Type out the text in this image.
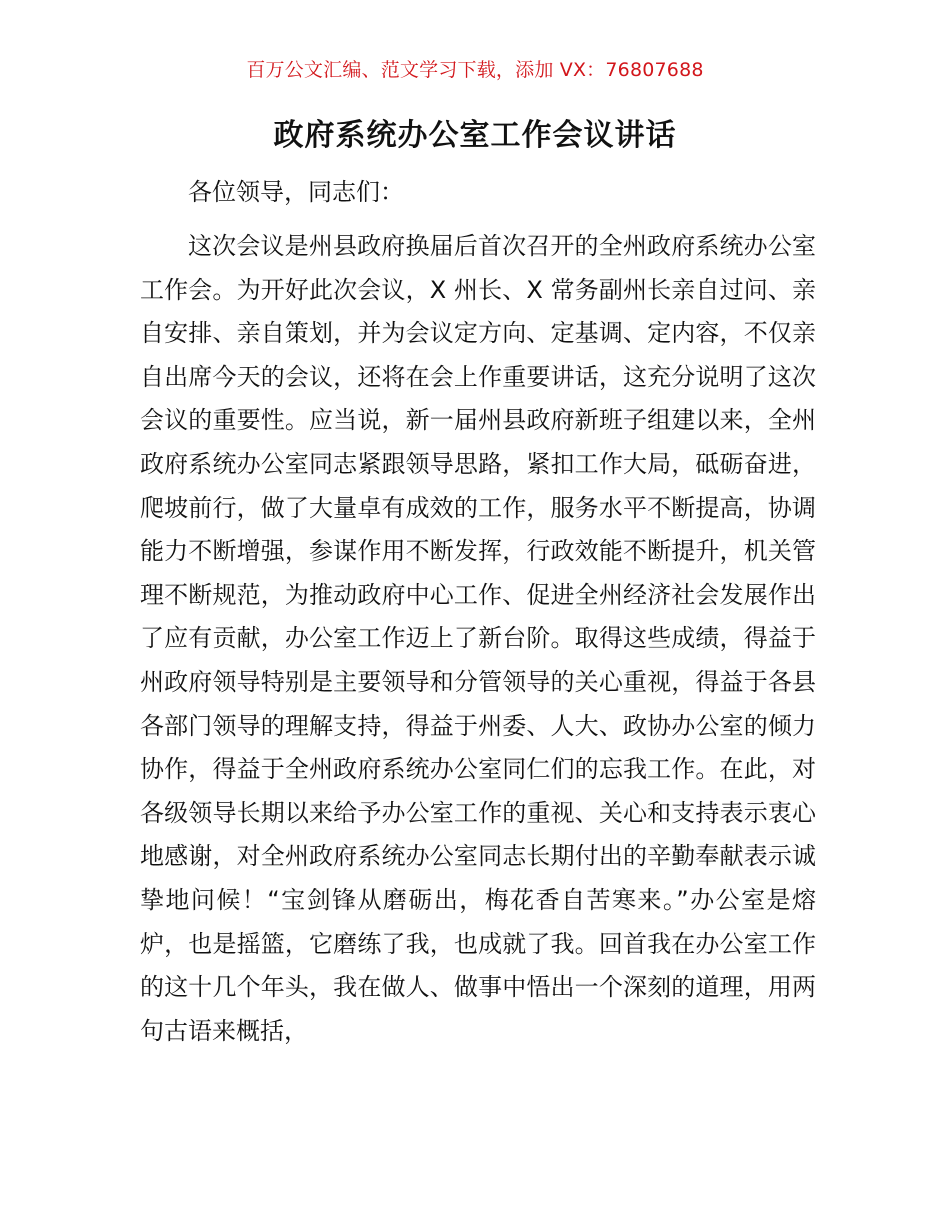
百万公文汇编、范文学习下载，添加 VX：76807688
政府系统办公室工作会议讲话
各位领导，同志们：

这次会议是州县政府换届后首次召开的全州政府系统办公室工作会。为开好此次会议，X 州长、X 常务副州长亲自过问、亲自安排、亲自策划，并为会议定方向、定基调、定内容，不仅亲自出席今天的会议，还将在会上作重要讲话，这充分说明了这次会议的重要性。应当说，新一届州县政府新班子组建以来，全州政府系统办公室同志紧跟领导思路，紧扣工作大局，砥砺奋进，爬坡前行，做了大量卓有成效的工作，服务水平不断提高，协调能力不断增强，参谋作用不断发挥，行政效能不断提升，机关管理不断规范，为推动政府中心工作、促进全州经济社会发展作出了应有贡献，办公室工作迈上了新台阶。取得这些成绩，得益于州政府领导特别是主要领导和分管领导的关心重视，得益于各县各部门领导的理解支持，得益于州委、人大、政协办公室的倾力协作，得益于全州政府系统办公室同仁们的忘我工作。在此，对各级领导长期以来给予办公室工作的重视、关心和支持表示衷心地感谢，对全州政府系统办公室同志长期付出的辛勤奉献表示诚挚地问候！“宝剑锋从磨砺出，梅花香自苦寒来。”办公室是熔炉，也是摇篮，它磨练了我，也成就了我。回首我在办公室工作的这十几个年头，我在做人、做事中悟出一个深刻的道理，用两句古语来概括，
